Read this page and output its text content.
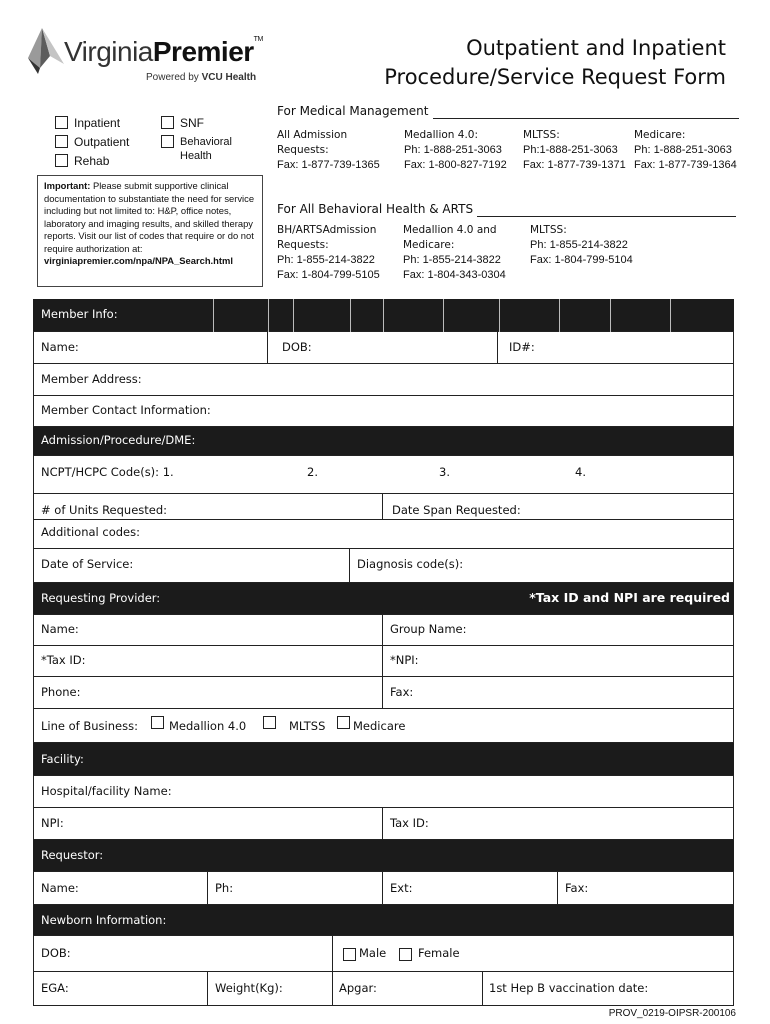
VirginiaPremier™
Powered by VCU Health
Outpatient and Inpatient
Procedure/Service Request Form
Inpatient
Outpatient
Rehab
SNF
Behavioral
Health
Important: Please submit supportive clinical documentation to substantiate the need for service including but not limited to: H&P, office notes, laboratory and imaging results, and skilled therapy reports. Visit our list of codes that require or do not require authorization at:
virginiapremier.com/npa/NPA_Search.html
For Medical Management
All Admission
Requests:
Fax: 1-877-739-1365
Medallion 4.0:
Ph: 1-888-251-3063
Fax: 1-800-827-7192
MLTSS:
Ph:1-888-251-3063
Fax: 1-877-739-1371
Medicare:
Ph: 1-888-251-3063
Fax: 1-877-739-1364
For All Behavioral Health & ARTS
BH/ARTSAdmission
Requests:
Ph: 1-855-214-3822
Fax: 1-804-799-5105
Medallion 4.0 and
Medicare:
Ph: 1-855-214-3822
Fax: 1-804-343-0304
MLTSS:
Ph: 1-855-214-3822
Fax: 1-804-799-5104
Member Info:
Name:	DOB:	ID#:
Member Address:
Member Contact Information:
Admission/Procedure/DME:
NCPT/HCPC Code(s): 1.	2.	3.	4.
# of Units Requested:	Date Span Requested:
Additional codes:
Date of Service:	Diagnosis code(s):
Requesting Provider:	*Tax ID and NPI are required
Name:	Group Name:
*Tax ID:	*NPI:
Phone:	Fax:
Line of Business:	Medallion 4.0	MLTSS Medicare
Facility:
Hospital/facility Name:
NPI:	Tax ID:
Requestor:
Name:	Ph:	Ext:	Fax:
Newborn Information:
DOB:	Male	Female
EGA:	Weight(Kg):	Apgar:	1st Hep B vaccination date:
PROV_0219-OIPSR-200106
